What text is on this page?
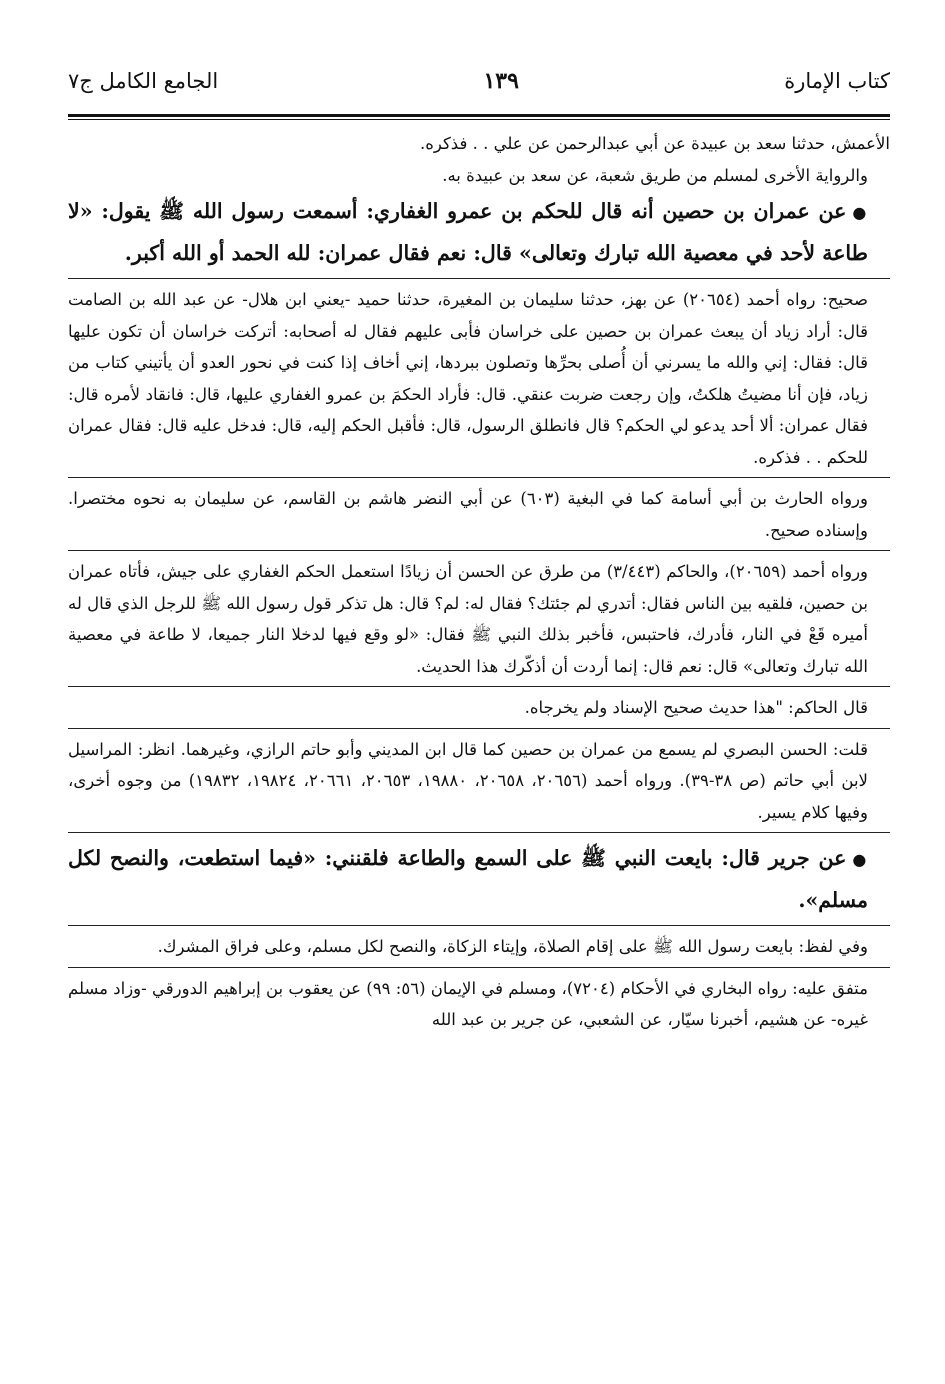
كتاب الإمارة
١٣٩
الجامع الكامل ج٧

الأعمش، حدثنا سعد بن عبيدة عن أبي عبدالرحمن عن علي . . فذكره.

والرواية الأخرى لمسلم من طريق شعبة، عن سعد بن عبيدة به.

●عن عمران بن حصين أنه قال للحكم بن عمرو الغفاري: أسمعت رسول الله ﷺ يقول: «لا طاعة لأحد في معصية الله تبارك وتعالى» قال: نعم فقال عمران: لله الحمد أو الله أكبر.

صحيح: رواه أحمد (٢٠٦٥٤) عن بهز، حدثنا سليمان بن المغيرة، حدثنا حميد -يعني ابن هلال- عن عبد الله بن الصامت قال: أراد زياد أن يبعث عمران بن حصين على خراسان فأبى عليهم فقال له أصحابه: أتركت خراسان أن تكون عليها قال: فقال: إني والله ما يسرني أن أُصلى بحرِّها وتصلون ببردها، إني أخاف إذا كنت في نحور العدو أن يأتيني كتاب من زياد، فإن أنا مضيتُ هلكتُ، وإن رجعت ضربت عنقي. قال: فأراد الحكمَ بن عمرو الغفاري عليها، قال: فانقاد لأمره قال: فقال عمران: ألا أحد يدعو لي الحكم؟ قال فانطلق الرسول، قال: فأقبل الحكم إليه، قال: فدخل عليه قال: فقال عمران للحكم . . فذكره.

ورواه الحارث بن أبي أسامة كما في البغية (٦٠٣) عن أبي النضر هاشم بن القاسم، عن سليمان به نحوه مختصرا. وإسناده صحيح.

ورواه أحمد (٢٠٦٥٩)، والحاكم (٣/٤٤٣) من طرق عن الحسن أن زيادًا استعمل الحكم الغفاري على جيش، فأتاه عمران بن حصين، فلقيه بين الناس فقال: أتدري لم جئتك؟ فقال له: لم؟ قال: هل تذكر قول رسول الله ﷺ للرجل الذي قال له أميره قَعْ في النار، فأدرك، فاحتبس، فأخبر بذلك النبي ﷺ فقال: «لو وقع فيها لدخلا النار جميعا، لا طاعة في معصية الله تبارك وتعالى» قال: نعم قال: إنما أردت أن أذكّرك هذا الحديث.

قال الحاكم: "هذا حديث صحيح الإسناد ولم يخرجاه.

قلت: الحسن البصري لم يسمع من عمران بن حصين كما قال ابن المديني وأبو حاتم الرازي، وغيرهما. انظر: المراسيل لابن أبي حاتم (ص ٣٨-٣٩). ورواه أحمد (٢٠٦٥٦، ٢٠٦٥٨، ١٩٨٨٠، ٢٠٦٥٣، ٢٠٦٦١، ١٩٨٢٤، ١٩٨٣٢) من وجوه أخرى، وفيها كلام يسير.

●عن جرير قال: بايعت النبي ﷺ على السمع والطاعة فلقنني: «فيما استطعت، والنصح لكل مسلم».

وفي لفظ: بايعت رسول الله ﷺ على إقام الصلاة، وإيتاء الزكاة، والنصح لكل مسلم، وعلى فراق المشرك.

متفق عليه: رواه البخاري في الأحكام (٧٢٠٤)، ومسلم في الإيمان (٥٦: ٩٩) عن يعقوب بن إبراهيم الدورقي -وزاد مسلم غيره- عن هشيم، أخبرنا سيّار، عن الشعبي، عن جرير بن عبد الله
